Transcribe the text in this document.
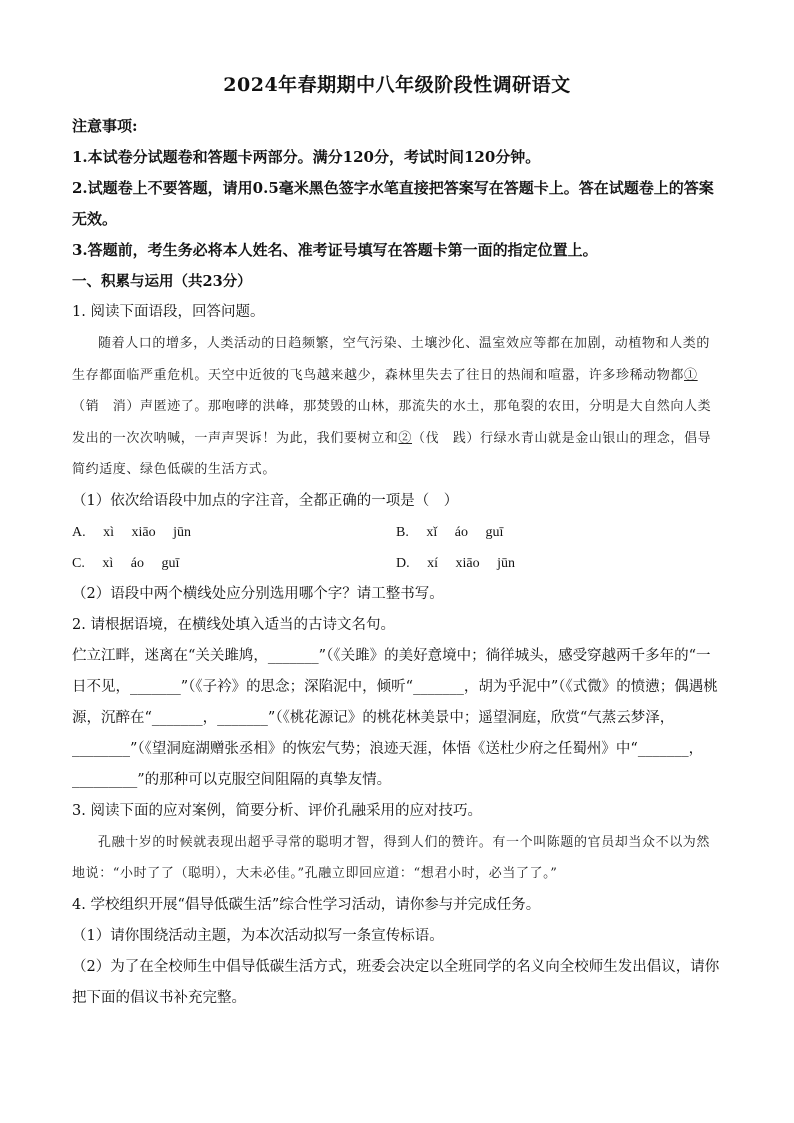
2024年春期期中八年级阶段性调研语文
注意事项:
1.本试卷分试题卷和答题卡两部分。满分120分，考试时间120分钟。
2.试题卷上不要答题，请用0.5毫米黑色签字水笔直接把答案写在答题卡上。答在试题卷上的答案无效。
3.答题前，考生务必将本人姓名、准考证号填写在答题卡第一面的指定位置上。
一、积累与运用（共23分）
1. 阅读下面语段，回答问题。
随着人口的增多，人类活动的日趋频繁，空气污染、土壤沙化、温室效应等都在加剧，动植物和人类的生存都面临严重危机。天空中近彼的飞鸟越来越少，森林里失去了往日的热闹和喧嚣，许多珍稀动物都①（销　消）声匿迹了。那咆哮的洪峰，那焚毁的山林，那流失的水土，那龟裂的农田，分明是大自然向人类发出的一次次呐喊，一声声哭诉！为此，我们要树立和②（伐　践）行绿水青山就是金山银山的理念，倡导简约适度、绿色低碳的生活方式。
（1）依次给语段中加点的字注音，全都正确的一项是（　）
A. xì xiāo jūn	B. xǐ áo guī
C. xì áo guī	D. xí xiāo jūn
（2）语段中两个横线处应分别选用哪个字？请工整书写。
2. 请根据语境，在横线处填入适当的古诗文名句。
伫立江畔，迷离在“关关雎鸠，_______”（《关雎》的美好意境中；徜徉城头，感受穿越两千多年的“一日不见，_______”（《子衿》的思念；深陷泥中，倾听“_______，胡为乎泥中”（《式微》的愤懑；偶遇桃源，沉醉在“_______，_______”（《桃花源记》的桃花林美景中；遥望洞庭，欣赏“气蒸云梦泽，________”（《望洞庭湖赠张丞相》的恢宏气势；浪迹天涯，体悟《送杜少府之任蜀州》中“_______，_________”的那种可以克服空间阻隔的真挚友情。
3. 阅读下面的应对案例，简要分析、评价孔融采用的应对技巧。
孔融十岁的时候就表现出超乎寻常的聪明才智，得到人们的赞许。有一个叫陈题的官员却当众不以为然地说：“小时了了（聪明），大未必佳。”孔融立即回应道：“想君小时，必当了了。”
4. 学校组织开展“倡导低碳生活”综合性学习活动，请你参与并完成任务。
（1）请你围绕活动主题，为本次活动拟写一条宣传标语。
（2）为了在全校师生中倡导低碳生活方式，班委会决定以全班同学的名义向全校师生发出倡议，请你把下面的倡议书补充完整。
